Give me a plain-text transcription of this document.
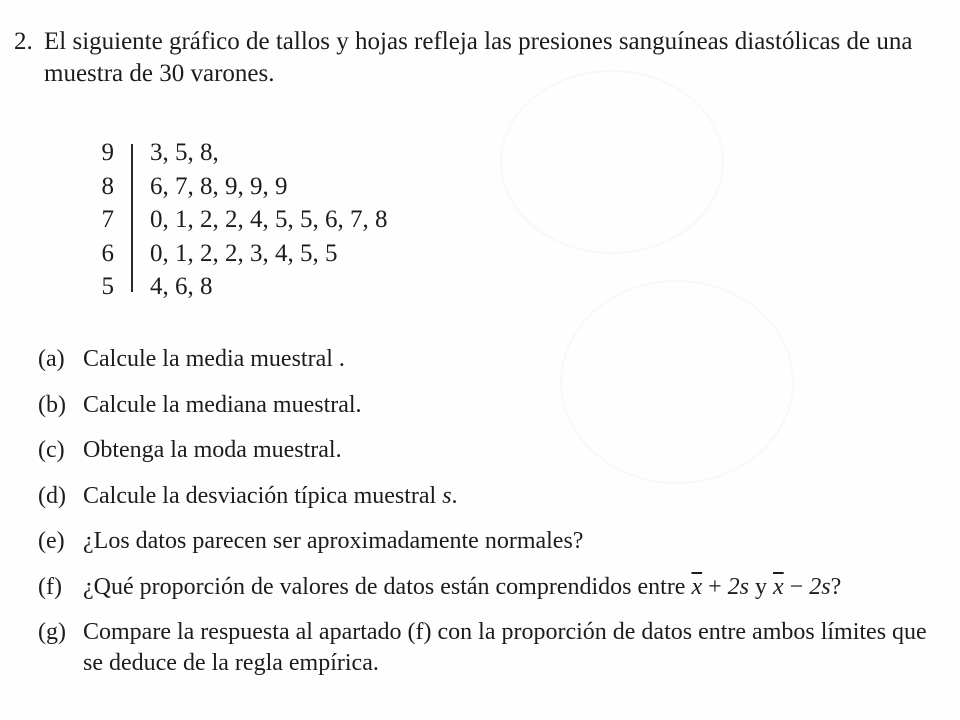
2. El siguiente gráfico de tallos y hojas refleja las presiones sanguíneas diastólicas de una muestra de 30 varones.
9 3, 5, 8,
8 6, 7, 8, 9, 9, 9
7 0, 1, 2, 2, 4, 5, 5, 6, 7, 8
6 0, 1, 2, 2, 3, 4, 5, 5
5 4, 6, 8
(a) Calcule la media muestral .
(b) Calcule la mediana muestral.
(c) Obtenga la moda muestral.
(d) Calcule la desviación típica muestral s.
(e) ¿Los datos parecen ser aproximadamente normales?
(f) ¿Qué proporción de valores de datos están comprendidos entre $\overline{x} + 2s$ y $\overline{x} - 2s$?
(g) Compare la respuesta al apartado (f) con la proporción de datos entre ambos límites que se deduce de la regla empírica.
